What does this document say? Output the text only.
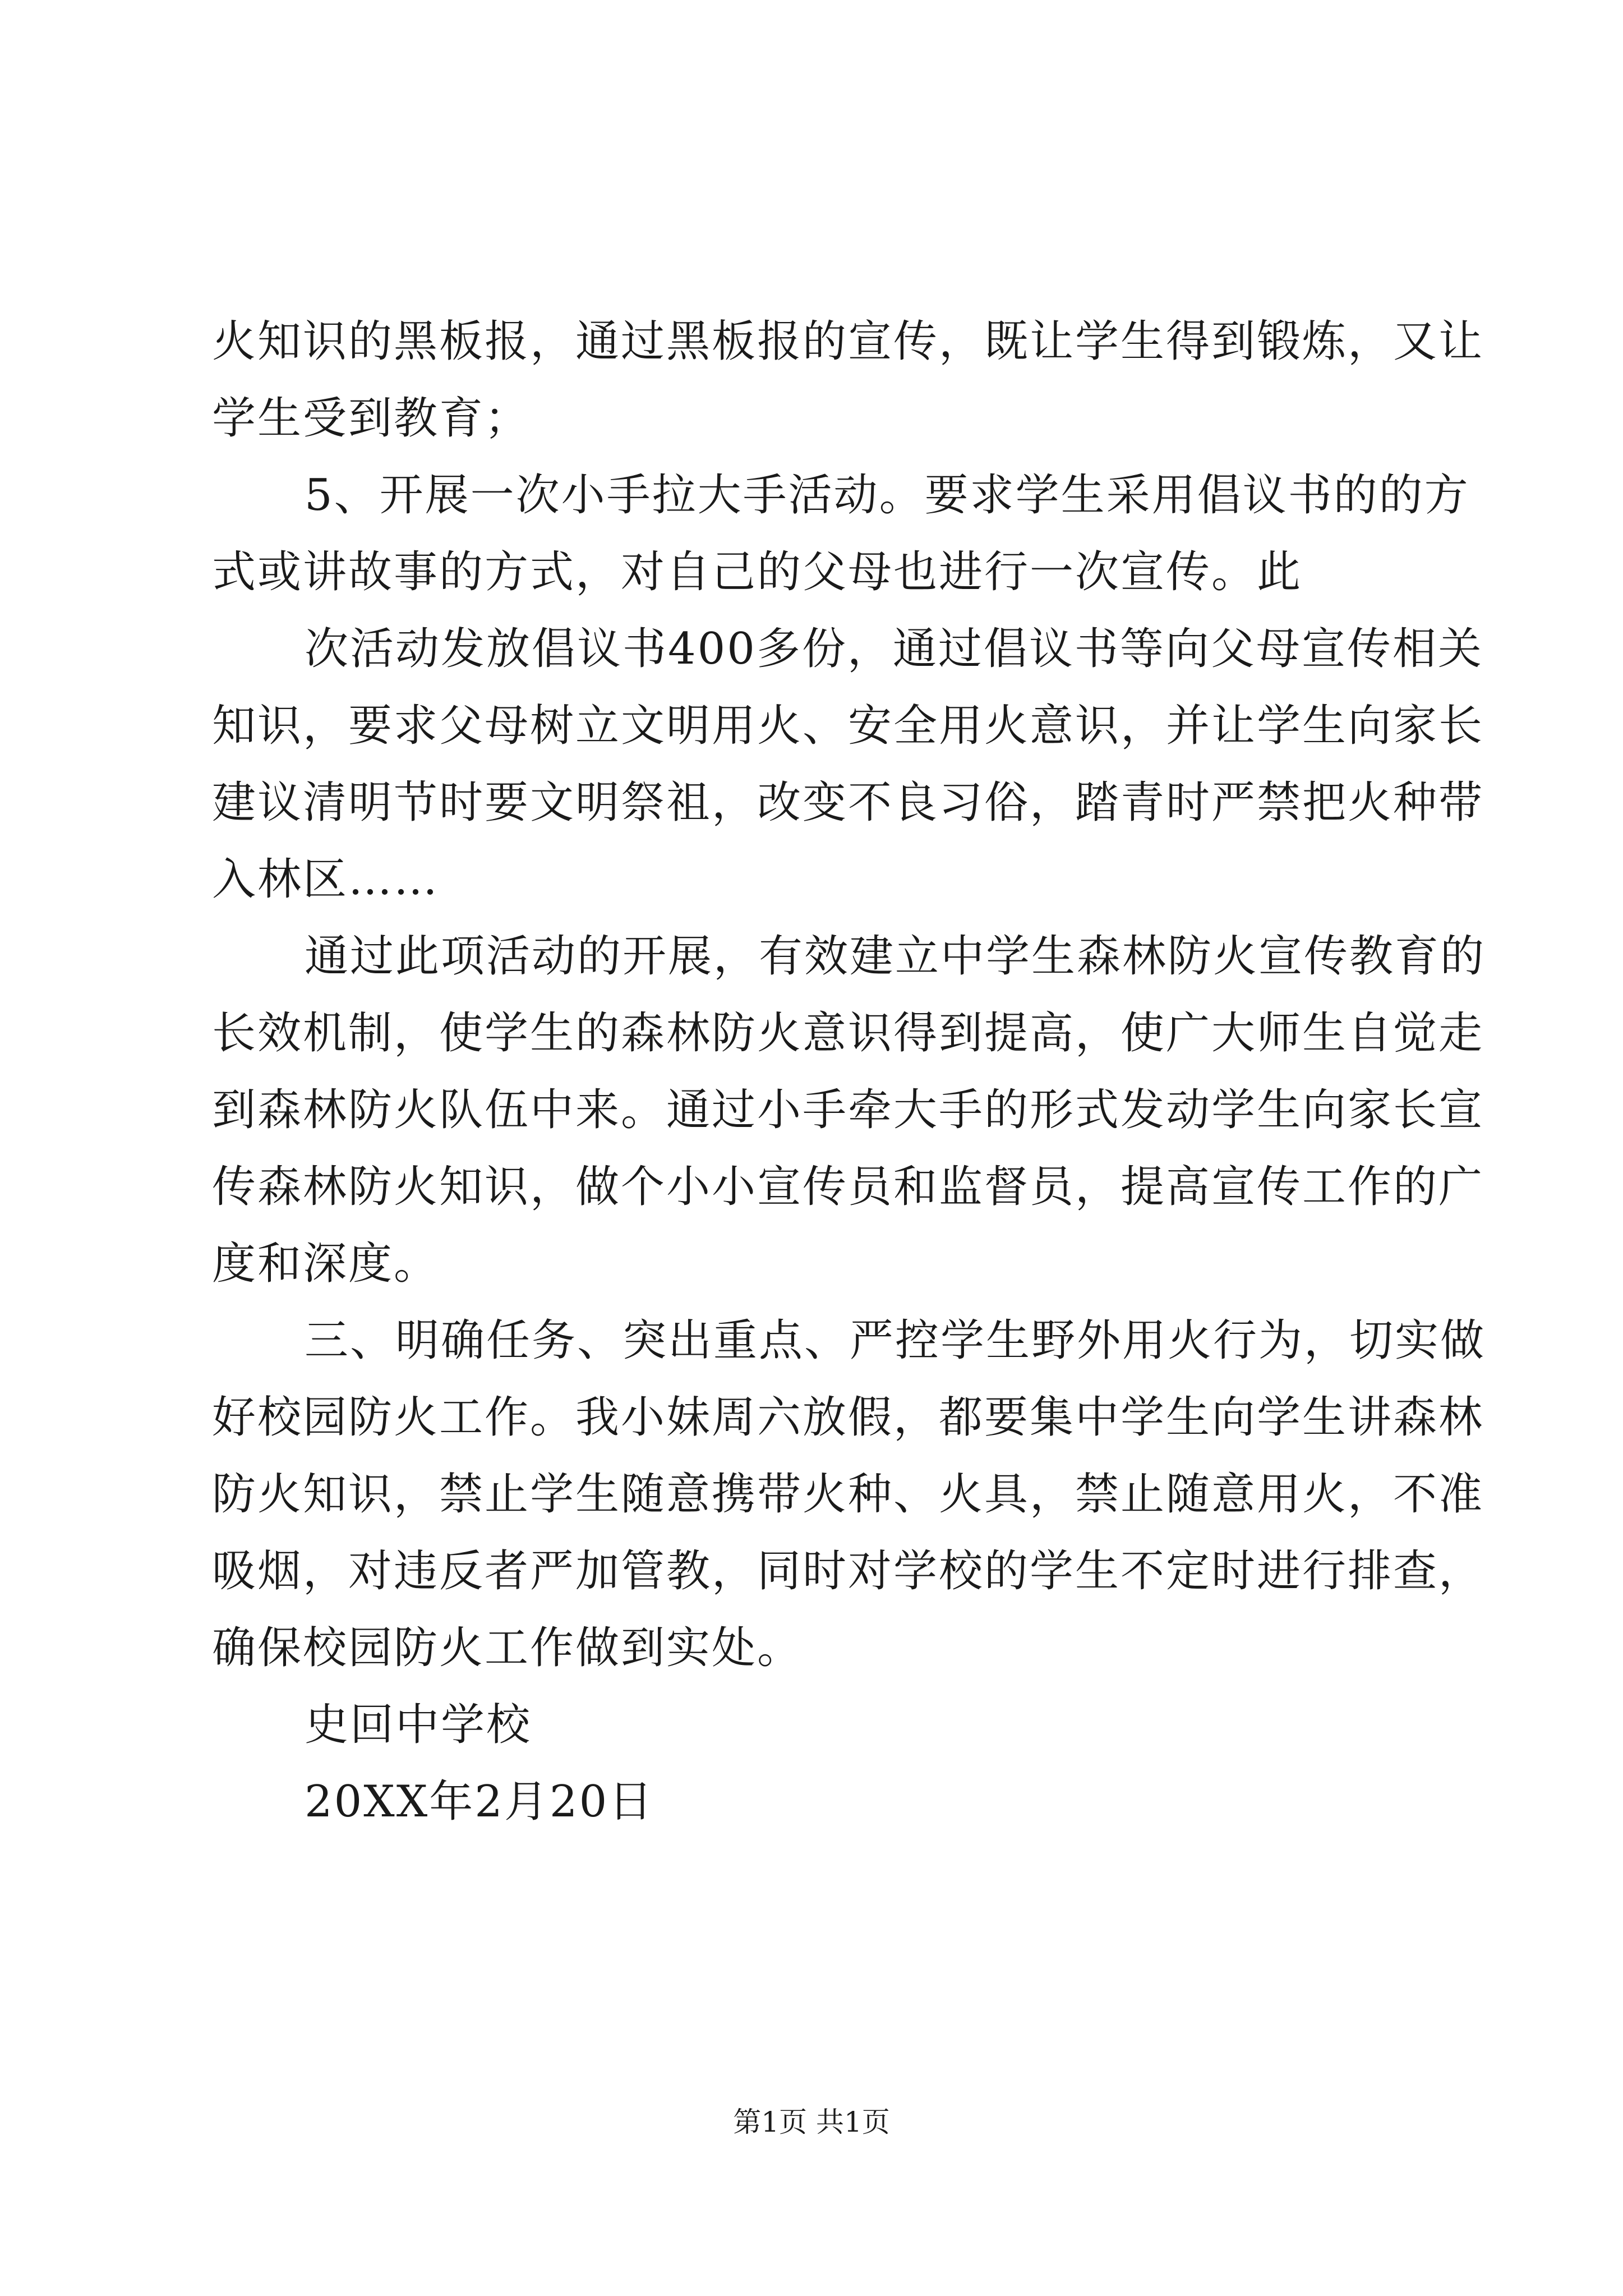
火知识的黑板报，通过黑板报的宣传，既让学生得到锻炼，又让
学生受到教育；
5、开展一次小手拉大手活动。要求学生采用倡议书的的方
式或讲故事的方式，对自己的父母也进行一次宣传。此
次活动发放倡议书400多份，通过倡议书等向父母宣传相关
知识，要求父母树立文明用火、安全用火意识，并让学生向家长
建议清明节时要文明祭祖，改变不良习俗，踏青时严禁把火种带
入林区……
通过此项活动的开展，有效建立中学生森林防火宣传教育的
长效机制，使学生的森林防火意识得到提高，使广大师生自觉走
到森林防火队伍中来。通过小手牵大手的形式发动学生向家长宣
传森林防火知识，做个小小宣传员和监督员，提高宣传工作的广
度和深度。
三、明确任务、突出重点、严控学生野外用火行为，切实做
好校园防火工作。我小妹周六放假，都要集中学生向学生讲森林
防火知识，禁止学生随意携带火种、火具，禁止随意用火，不准
吸烟，对违反者严加管教，同时对学校的学生不定时进行排查，
确保校园防火工作做到实处。
史回中学校
20XX年2月20日
第1页 共1页
